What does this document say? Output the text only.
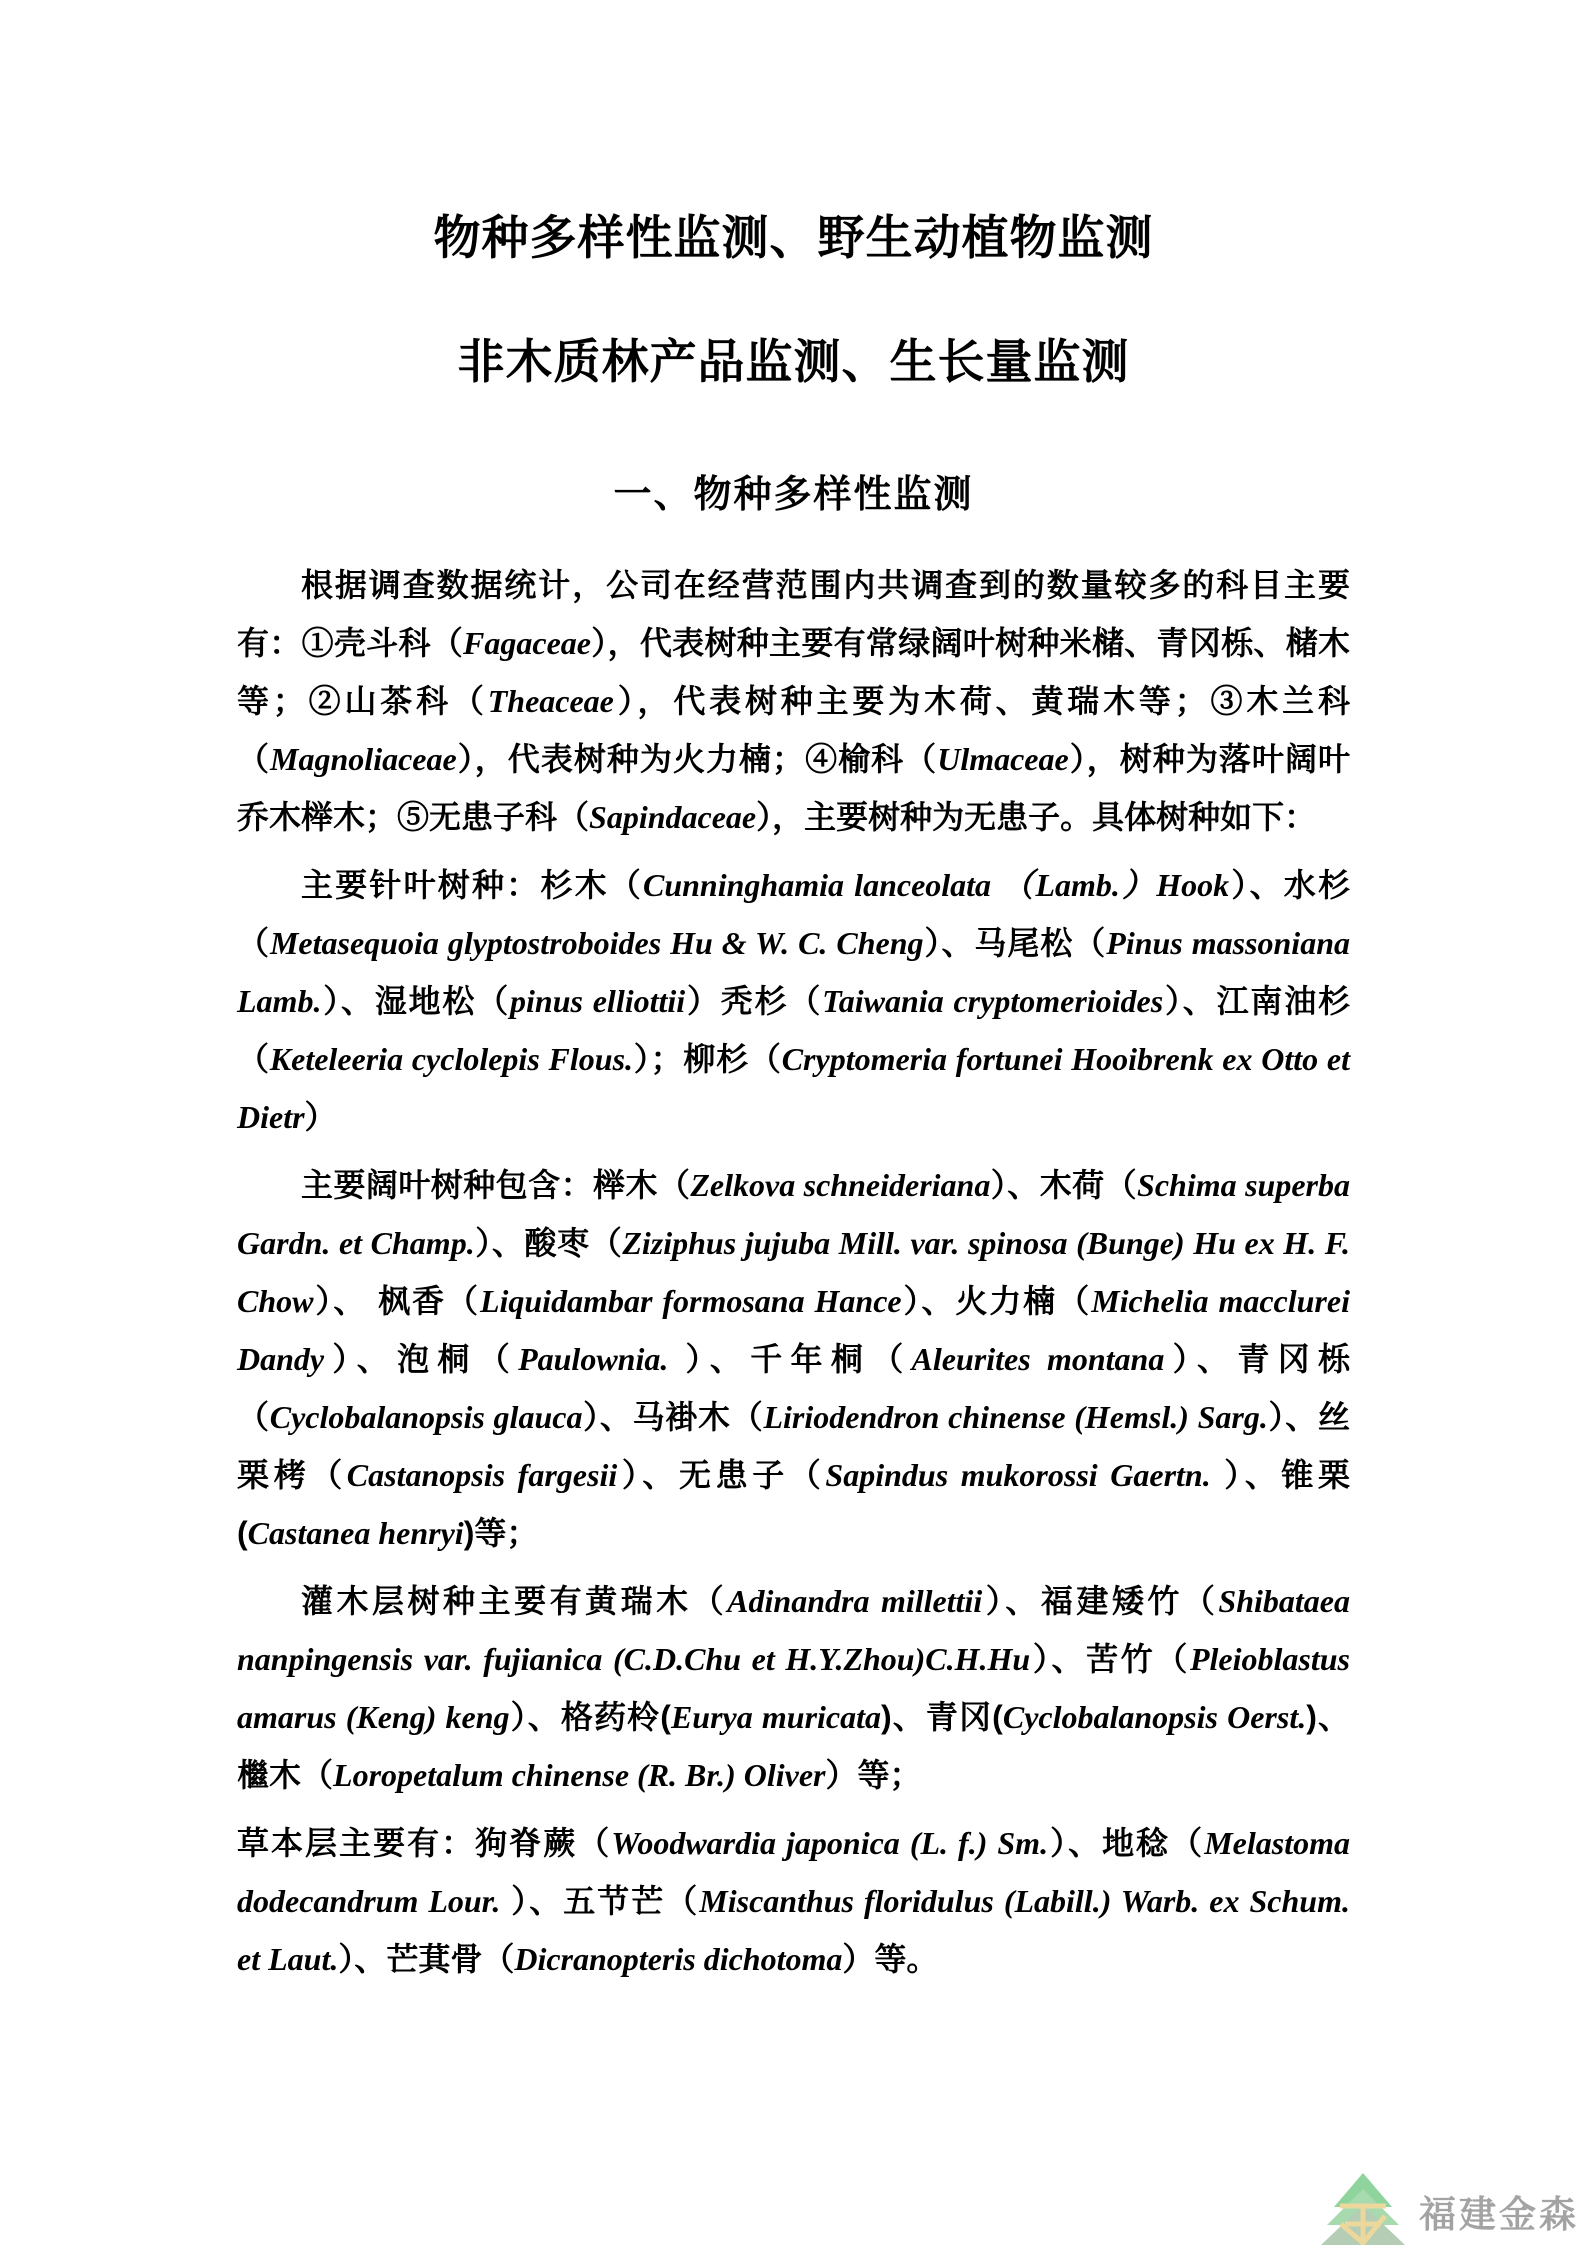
物种多样性监测、野生动植物监测
非木质林产品监测、生长量监测
一、物种多样性监测

根据调查数据统计，公司在经营范围内共调查到的数量较多的科目主要有：①壳斗科（Fagaceae），代表树种主要有常绿阔叶树种米槠、青冈栎、槠木等；②山茶科（Theaceae），代表树种主要为木荷、黄瑞木等；③木兰科（Magnoliaceae），代表树种为火力楠；④榆科（Ulmaceae），树种为落叶阔叶乔木榉木；⑤无患子科（Sapindaceae），主要树种为无患子。具体树种如下：

主要针叶树种：杉木（Cunninghamia lanceolata （Lamb.）Hook）、水杉（Metasequoia glyptostroboides Hu & W. C. Cheng）、马尾松（Pinus massoniana Lamb.）、湿地松（pinus elliottii）秃杉（Taiwania cryptomerioides）、江南油杉（Keteleeria cyclolepis Flous.）；柳杉（Cryptomeria fortunei Hooibrenk ex Otto et Dietr）

主要阔叶树种包含：榉木（Zelkova schneideriana）、木荷（Schima superba Gardn. et Champ.）、酸枣（Ziziphus jujuba Mill. var. spinosa (Bunge) Hu ex H. F. Chow）、 枫香（Liquidambar formosana Hance）、火力楠（Michelia macclurei Dandy）、泡桐（Paulownia. ）、千年桐（Aleurites montana）、青冈栎（Cyclobalanopsis glauca）、马褂木（Liriodendron chinense (Hemsl.) Sarg.）、丝栗栲（Castanopsis fargesii）、无患子（Sapindus mukorossi Gaertn. ）、锥栗(Castanea henryi)等；

灌木层树种主要有黄瑞木（Adinandra millettii）、福建矮竹（Shibataea nanpingensis var. fujianica (C.D.Chu et H.Y.Zhou)C.H.Hu）、苦竹（Pleioblastus amarus (Keng) keng）、格药柃(Eurya muricata)、青冈(Cyclobalanopsis Oerst.)、檵木（Loropetalum chinense (R. Br.) Oliver）等；

草本层主要有：狗脊蕨（Woodwardia japonica (L. f.) Sm.）、地稔（Melastoma dodecandrum Lour. ）、五节芒（Miscanthus floridulus (Labill.) Warb. ex Schum. et Laut.）、芒萁骨（Dicranopteris dichotoma）等。

福建金森
